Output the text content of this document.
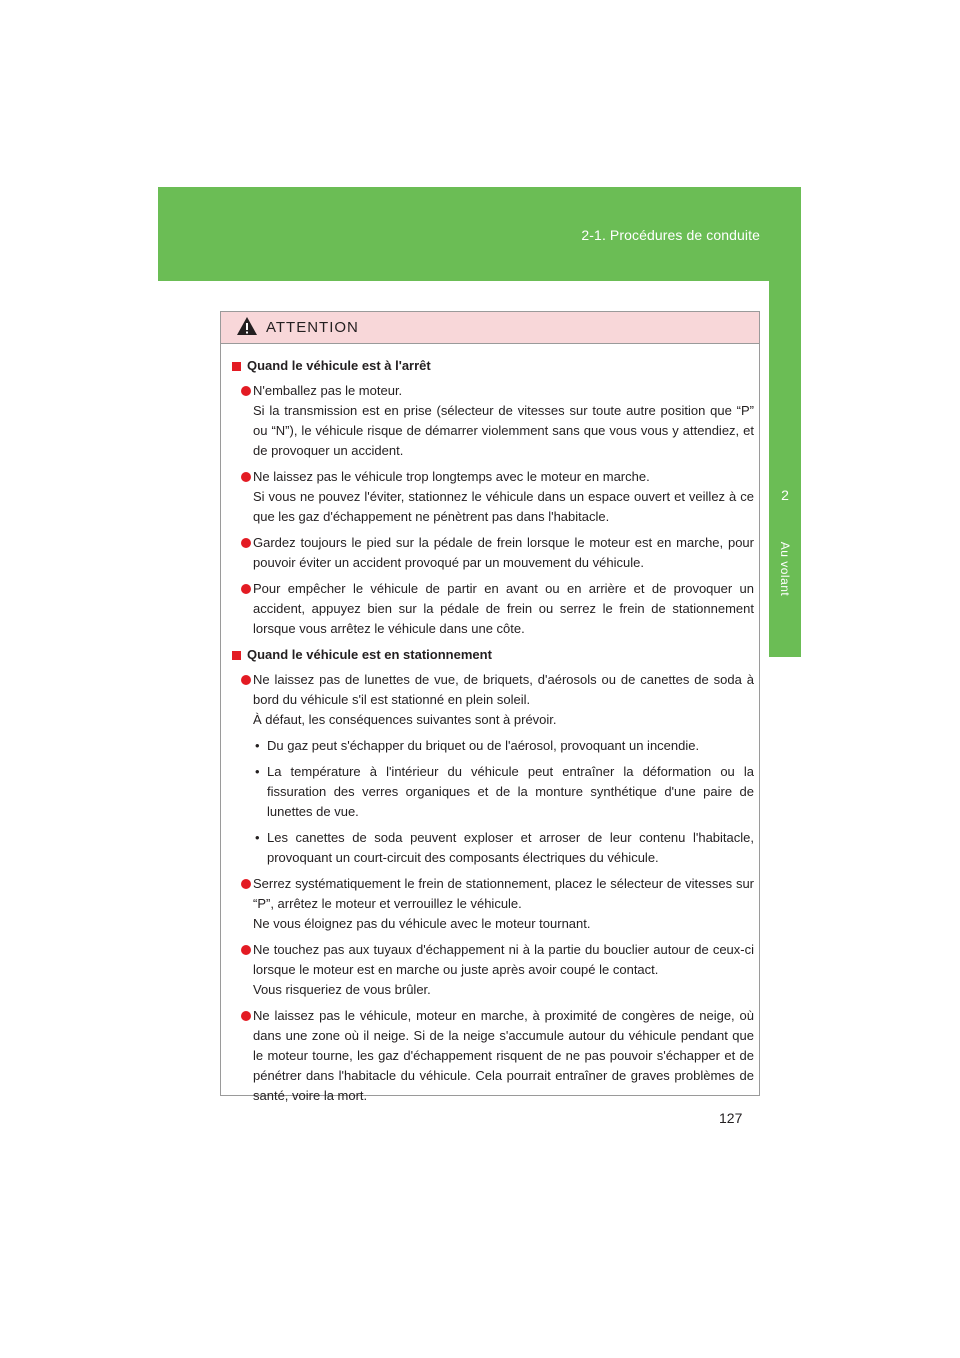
2-1. Procédures de conduite
2
Au volant
ATTENTION
Quand le véhicule est à l'arrêt
N'emballez pas le moteur.
Si la transmission est en prise (sélecteur de vitesses sur toute autre position que “P” ou “N”), le véhicule risque de démarrer violemment sans que vous vous y attendiez, et de provoquer un accident.
Ne laissez pas le véhicule trop longtemps avec le moteur en marche.
Si vous ne pouvez l'éviter, stationnez le véhicule dans un espace ouvert et veillez à ce que les gaz d'échappement ne pénètrent pas dans l'habitacle.
Gardez toujours le pied sur la pédale de frein lorsque le moteur est en marche, pour pouvoir éviter un accident provoqué par un mouvement du véhicule.
Pour empêcher le véhicule de partir en avant ou en arrière et de provoquer un accident, appuyez bien sur la pédale de frein ou serrez le frein de stationnement lorsque vous arrêtez le véhicule dans une côte.
Quand le véhicule est en stationnement
Ne laissez pas de lunettes de vue, de briquets, d'aérosols ou de canettes de soda à bord du véhicule s'il est stationné en plein soleil.
À défaut, les conséquences suivantes sont à prévoir.
• Du gaz peut s'échapper du briquet ou de l'aérosol, provoquant un incendie.
• La température à l'intérieur du véhicule peut entraîner la déformation ou la fissuration des verres organiques et de la monture synthétique d'une paire de lunettes de vue.
• Les canettes de soda peuvent exploser et arroser de leur contenu l'habitacle, provoquant un court-circuit des composants électriques du véhicule.
Serrez systématiquement le frein de stationnement, placez le sélecteur de vitesses sur “P”, arrêtez le moteur et verrouillez le véhicule.
Ne vous éloignez pas du véhicule avec le moteur tournant.
Ne touchez pas aux tuyaux d'échappement ni à la partie du bouclier autour de ceux-ci lorsque le moteur est en marche ou juste après avoir coupé le contact.
Vous risqueriez de vous brûler.
Ne laissez pas le véhicule, moteur en marche, à proximité de congères de neige, où dans une zone où il neige. Si de la neige s'accumule autour du véhicule pendant que le moteur tourne, les gaz d'échappement risquent de ne pas pouvoir s'échapper et de pénétrer dans l'habitacle du véhicule. Cela pourrait entraîner de graves problèmes de santé, voire la mort.
127
